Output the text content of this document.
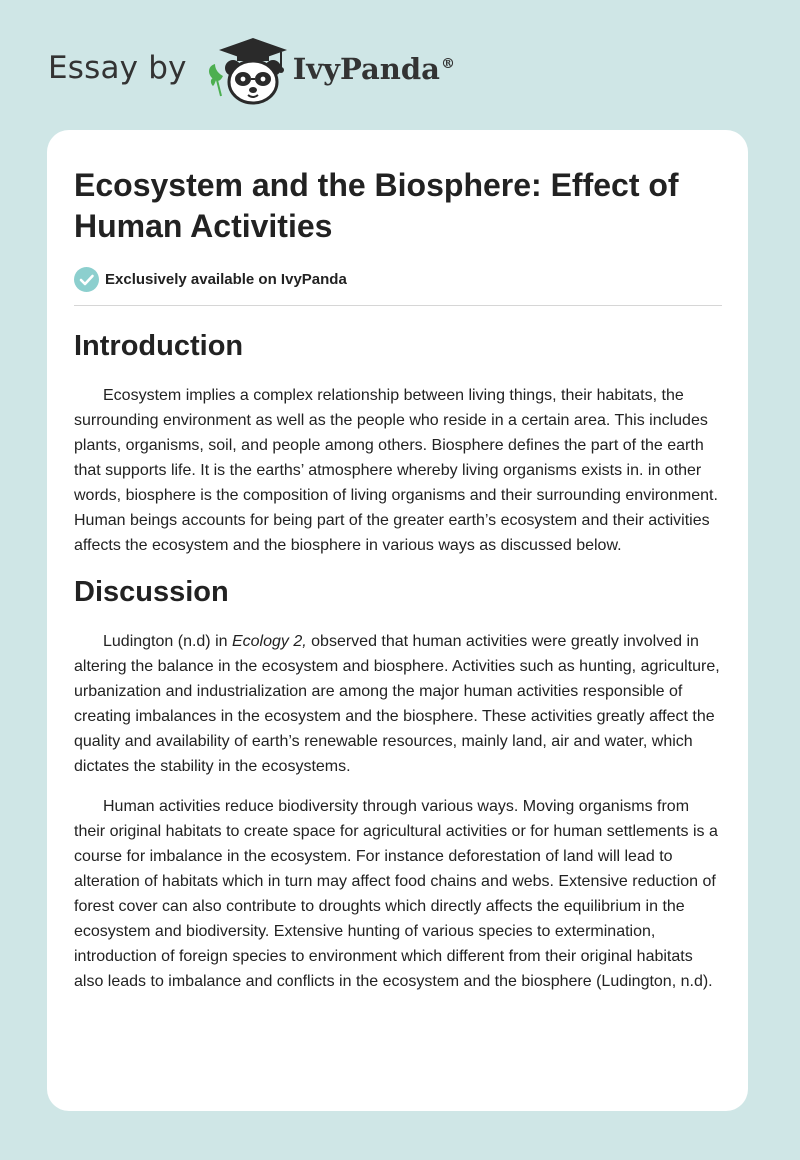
Essay by	IvyPanda®
Ecosystem and the Biosphere: Effect of Human Activities
Exclusively available on IvyPanda
Introduction

Ecosystem implies a complex relationship between living things, their habitats, the surrounding environment as well as the people who reside in a certain area. This includes plants, organisms, soil, and people among others. Biosphere defines the part of the earth that supports life. It is the earths’ atmosphere whereby living organisms exists in. in other words, biosphere is the composition of living organisms and their surrounding environment. Human beings accounts for being part of the greater earth’s ecosystem and their activities affects the ecosystem and the biosphere in various ways as discussed below.

Discussion

Ludington (n.d) in Ecology 2, observed that human activities were greatly involved in altering the balance in the ecosystem and biosphere. Activities such as hunting, agriculture, urbanization and industrialization are among the major human activities responsible of creating imbalances in the ecosystem and the biosphere. These activities greatly affect the quality and availability of earth’s renewable resources, mainly land, air and water, which dictates the stability in the ecosystems.

Human activities reduce biodiversity through various ways. Moving organisms from their original habitats to create space for agricultural activities or for human settlements is a course for imbalance in the ecosystem. For instance deforestation of land will lead to alteration of habitats which in turn may affect food chains and webs. Extensive reduction of forest cover can also contribute to droughts which directly affects the equilibrium in the ecosystem and biodiversity. Extensive hunting of various species to extermination, introduction of foreign species to environment which different from their original habitats also leads to imbalance and conflicts in the ecosystem and the biosphere (Ludington, n.d).
